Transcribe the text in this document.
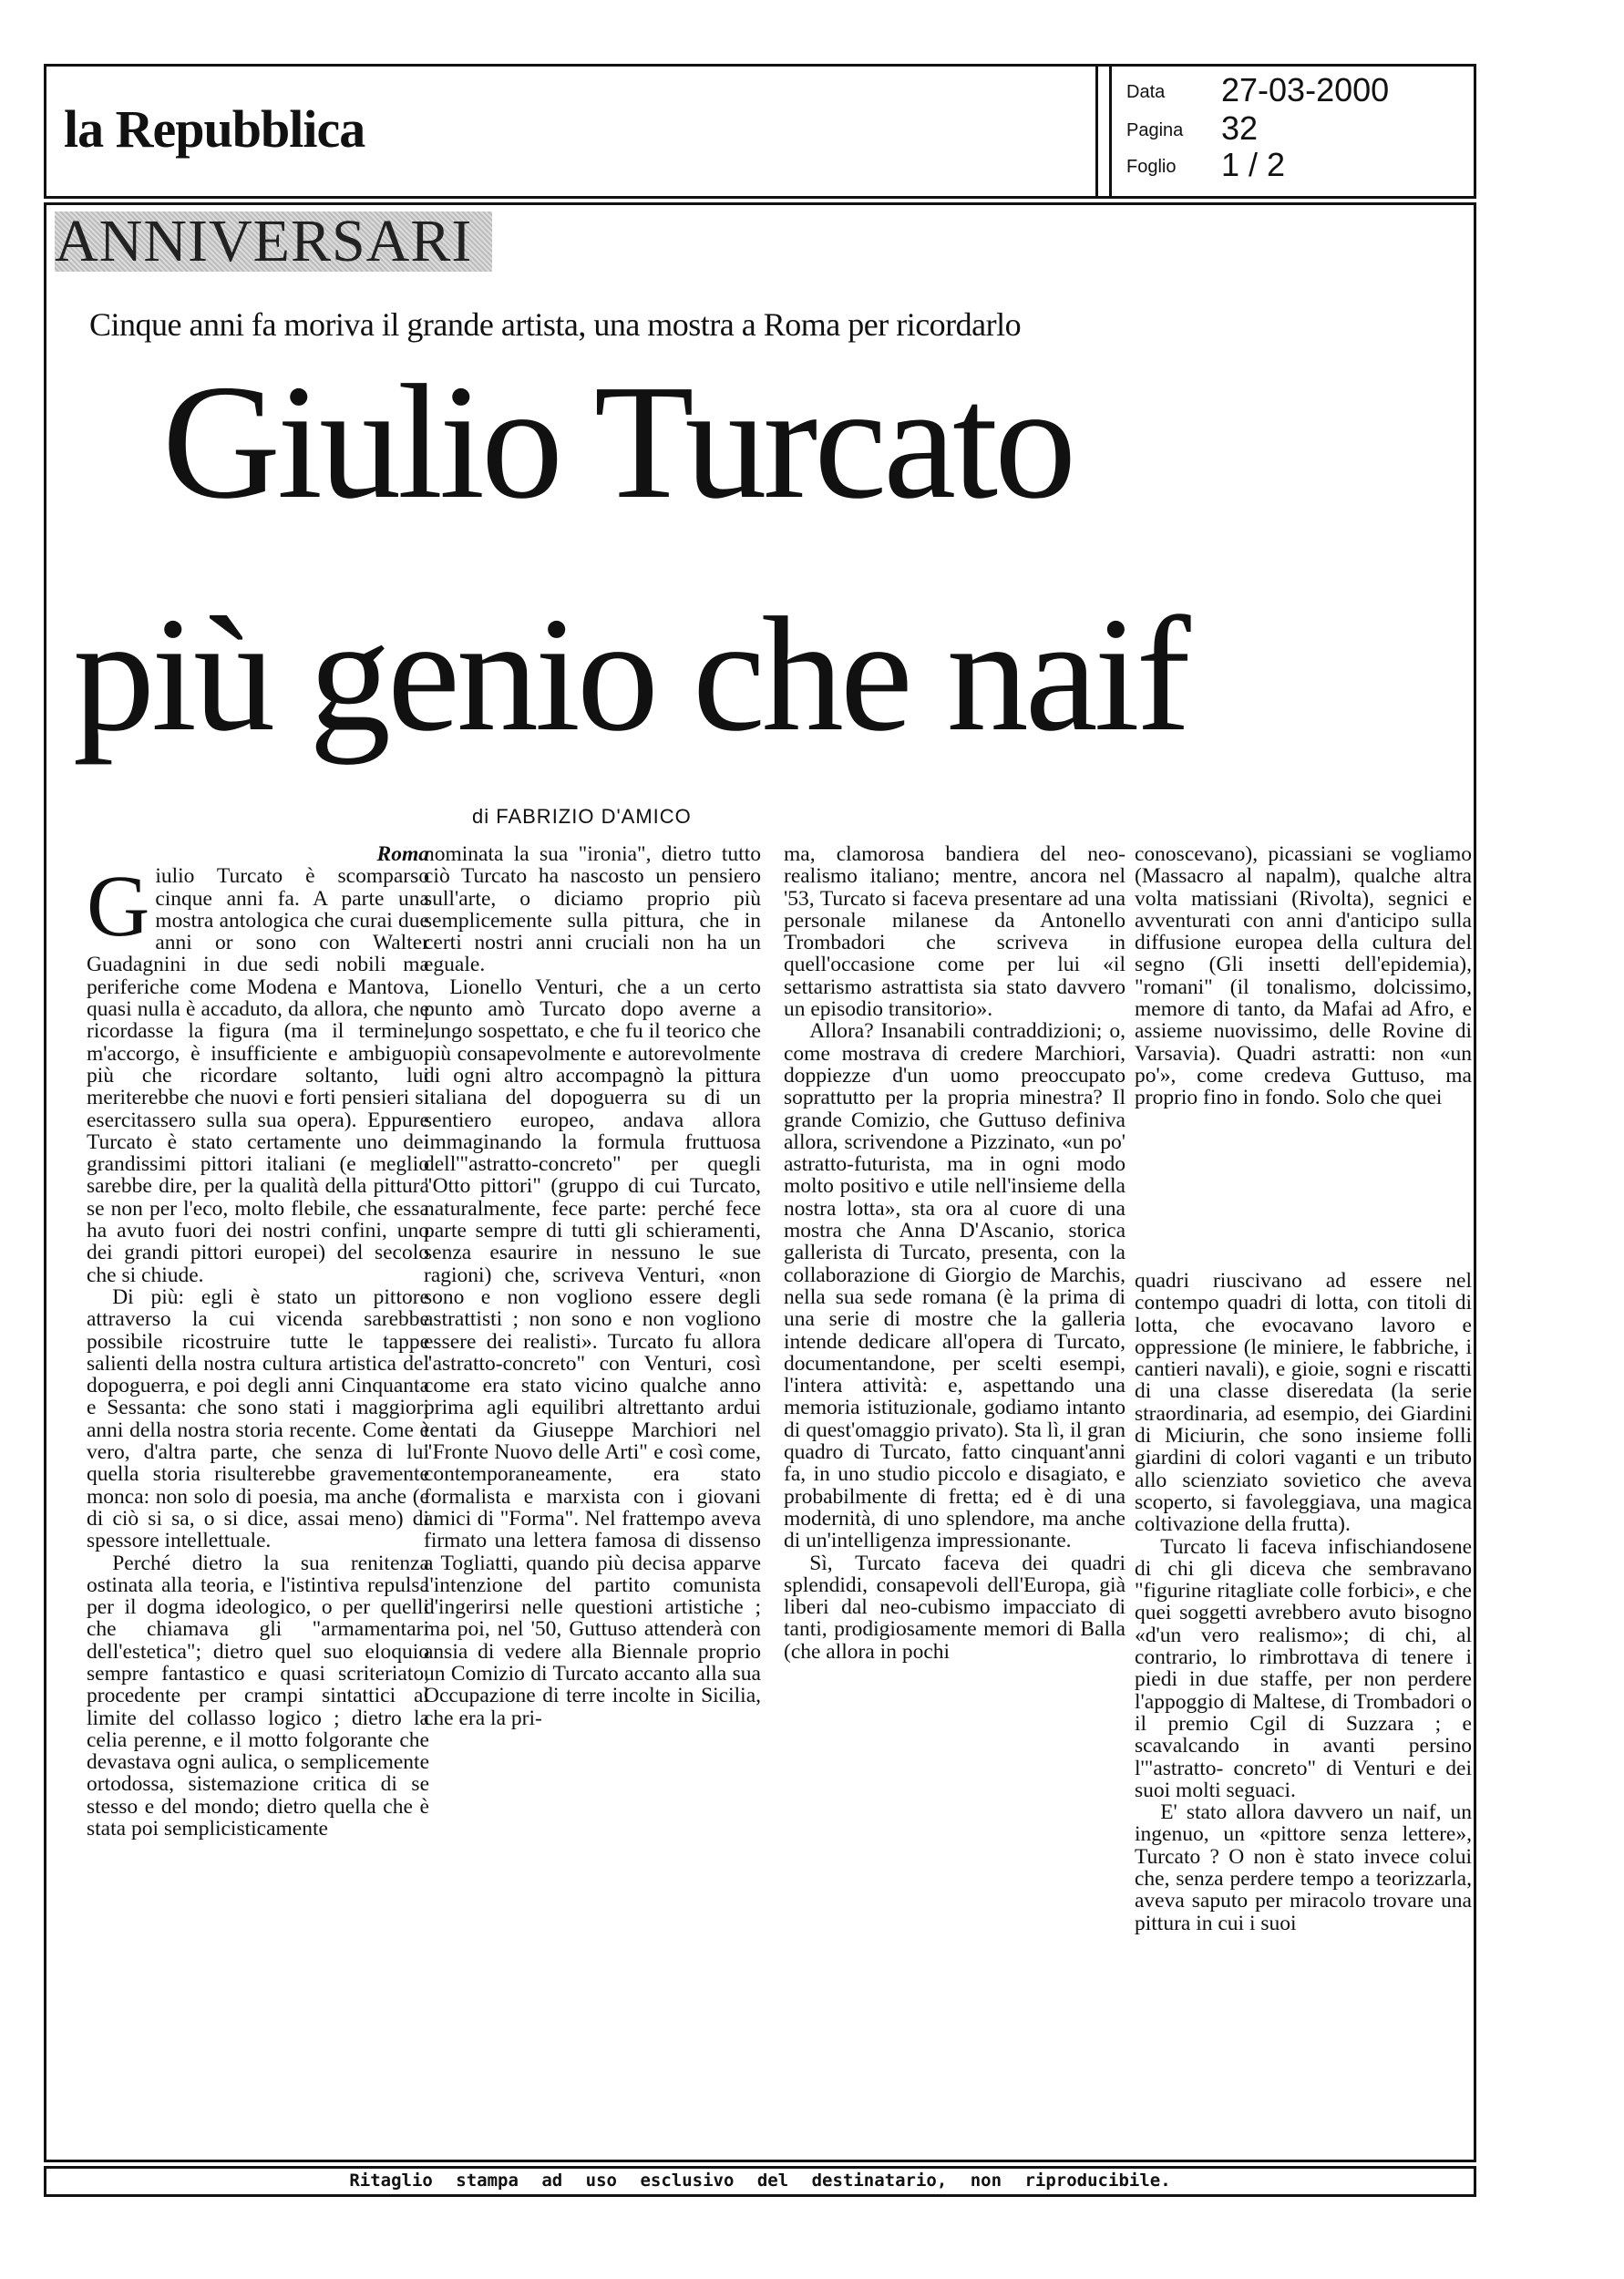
la Repubblica
Data 27-03-2000
Pagina 32
Foglio 1 / 2
ANNIVERSARI
Cinque anni fa moriva il grande artista, una mostra a Roma per ricordarlo
Giulio Turcato
più genio che naif
di FABRIZIO D'AMICO

Roma

Giulio Turcato è scomparso cinque anni fa. A parte una mostra antologica che curai due anni or sono con Walter Guadagnini in due sedi nobili ma periferiche come Modena e Mantova, quasi nulla è accaduto, da allora, che ne ricordasse la figura (ma il termine, m'accorgo, è insufficiente e ambiguo: più che ricordare soltanto, lui meriterebbe che nuovi e forti pensieri si esercitassero sulla sua opera). Eppure Turcato è stato certamente uno dei grandissimi pittori italiani (e meglio sarebbe dire, per la qualità della pittura se non per l'eco, molto flebile, che essa ha avuto fuori dei nostri confini, uno dei grandi pittori europei) del secolo che si chiude.

Di più: egli è stato un pittore attraverso la cui vicenda sarebbe possibile ricostruire tutte le tappe salienti della nostra cultura artistica del dopoguerra, e poi degli anni Cinquanta e Sessanta: che sono stati i maggiori anni della nostra storia recente. Come è vero, d'altra parte, che senza di lui quella storia risulterebbe gravemente monca: non solo di poesia, ma anche (e di ciò si sa, o si dice, assai meno) di spessore intellettuale.

Perché dietro la sua renitenza ostinata alla teoria, e l'istintiva repulsa per il dogma ideologico, o per quelli che chiamava gli "armamentari dell'estetica"; dietro quel suo eloquio sempre fantastico e quasi scriteriato, procedente per crampi sintattici al limite del collasso logico ; dietro la celia perenne, e il motto folgorante che devastava ogni aulica, o semplicemente ortodossa, sistemazione critica di se stesso e del mondo; dietro quella che è stata poi semplicisticamente

nominata la sua "ironia", dietro tutto ciò Turcato ha nascosto un pensiero sull'arte, o diciamo proprio più semplicemente sulla pittura, che in certi nostri anni cruciali non ha un eguale.

Lionello Venturi, che a un certo punto amò Turcato dopo averne a lungo sospettato, e che fu il teorico che più consapevolmente e autorevolmente di ogni altro accompagnò la pittura italiana del dopoguerra su di un sentiero europeo, andava allora immaginando la formula fruttuosa dell'"astratto-concreto" per quegli "Otto pittori" (gruppo di cui Turcato, naturalmente, fece parte: perché fece parte sempre di tutti gli schieramenti, senza esaurire in nessuno le sue ragioni) che, scriveva Venturi, «non sono e non vogliono essere degli astrattisti ; non sono e non vogliono essere dei realisti». Turcato fu allora "astratto-concreto" con Venturi, così come era stato vicino qualche anno prima agli equilibri altrettanto ardui tentati da Giuseppe Marchiori nel "Fronte Nuovo delle Arti" e così come, contemporaneamente, era stato formalista e marxista con i giovani amici di "Forma". Nel frattempo aveva firmato una lettera famosa di dissenso a Togliatti, quando più decisa apparve l'intenzione del partito comunista d'ingerirsi nelle questioni artistiche ; ma poi, nel '50, Guttuso attenderà con ansia di vedere alla Biennale proprio un Comizio di Turcato accanto alla sua Occupazione di terre incolte in Sicilia, che era la pri-

ma, clamorosa bandiera del neo-realismo italiano; mentre, ancora nel '53, Turcato si faceva presentare ad una personale milanese da Antonello Trombadori che scriveva in quell'occasione come per lui «il settarismo astrattista sia stato davvero un episodio transitorio».

Allora? Insanabili contraddizioni; o, come mostrava di credere Marchiori, doppiezze d'un uomo preoccupato soprattutto per la propria minestra? Il grande Comizio, che Guttuso definiva allora, scrivendone a Pizzinato, «un po' astratto-futurista, ma in ogni modo molto positivo e utile nell'insieme della nostra lotta», sta ora al cuore di una mostra che Anna D'Ascanio, storica gallerista di Turcato, presenta, con la collaborazione di Giorgio de Marchis, nella sua sede romana (è la prima di una serie di mostre che la galleria intende dedicare all'opera di Turcato, documentandone, per scelti esempi, l'intera attività: e, aspettando una memoria istituzionale, godiamo intanto di quest'omaggio privato). Sta lì, il gran quadro di Turcato, fatto cinquant'anni fa, in uno studio piccolo e disagiato, e probabilmente di fretta; ed è di una modernità, di uno splendore, ma anche di un'intelligenza impressionante.

Sì, Turcato faceva dei quadri splendidi, consapevoli dell'Europa, già liberi dal neo-cubismo impacciato di tanti, prodigiosamente memori di Balla (che allora in pochi

conoscevano), picassiani se vogliamo (Massacro al napalm), qualche altra volta matissiani (Rivolta), segnici e avventurati con anni d'anticipo sulla diffusione europea della cultura del segno (Gli insetti dell'epidemia), "romani" (il tonalismo, dolcissimo, memore di tanto, da Mafai ad Afro, e assieme nuovissimo, delle Rovine di Varsavia). Quadri astratti: non «un po'», come credeva Guttuso, ma proprio fino in fondo. Solo che quei

quadri riuscivano ad essere nel contempo quadri di lotta, con titoli di lotta, che evocavano lavoro e oppressione (le miniere, le fabbriche, i cantieri navali), e gioie, sogni e riscatti di una classe diseredata (la serie straordinaria, ad esempio, dei Giardini di Miciurin, che sono insieme folli giardini di colori vaganti e un tributo allo scienziato sovietico che aveva scoperto, si favoleggiava, una magica coltivazione della frutta).

Turcato li faceva infischiandosene di chi gli diceva che sembravano "figurine ritagliate colle forbici», e che quei soggetti avrebbero avuto bisogno «d'un vero realismo»; di chi, al contrario, lo rimbrottava di tenere i piedi in due staffe, per non perdere l'appoggio di Maltese, di Trombadori o il premio Cgil di Suzzara ; e scavalcando in avanti persino l'"astratto- concreto" di Venturi e dei suoi molti seguaci.

E' stato allora davvero un naif, un ingenuo, un «pittore senza lettere», Turcato ? O non è stato invece colui che, senza perdere tempo a teorizzarla, aveva saputo per miracolo trovare una pittura in cui i suoi

Ritaglio stampa ad uso esclusivo del destinatario, non riproducibile.
